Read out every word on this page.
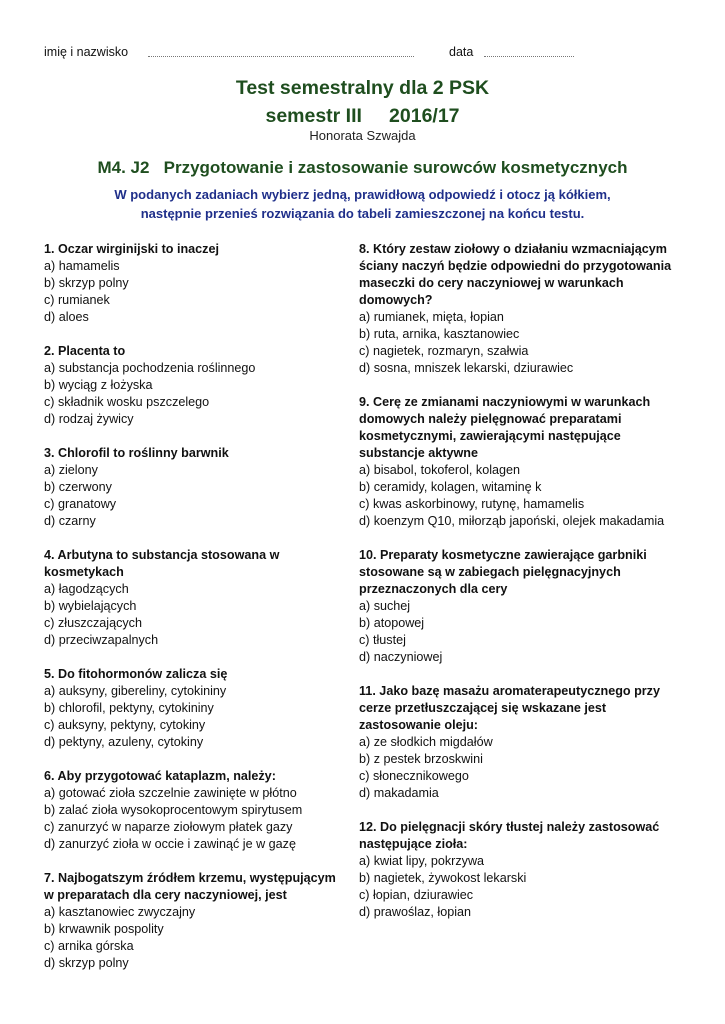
imię i nazwisko	data
Test semestralny dla 2 PSK
semestr III     2016/17
Honorata Szwajda
M4. J2   Przygotowanie i zastosowanie surowców kosmetycznych
W podanych zadaniach wybierz jedną, prawidłową odpowiedź i otocz ją kółkiem,
następnie przenieś rozwiązania do tabeli zamieszczonej na końcu testu.
1. Oczar wirginijski to inaczej
a) hamamelis
b) skrzyp polny
c) rumianek
d) aloes
2. Placenta to
a) substancja pochodzenia roślinnego
b) wyciąg z łożyska
c) składnik wosku pszczelego
d) rodzaj żywicy
3. Chlorofil to roślinny barwnik
a) zielony
b) czerwony
c) granatowy
d) czarny
4. Arbutyna to substancja stosowana w kosmetykach
a) łagodzących
b) wybielających
c) złuszczających
d) przeciwzapalnych
5. Do fitohormonów zalicza się
a) auksyny, gibereliny, cytokininy
b) chlorofil, pektyny, cytokininy
c) auksyny, pektyny, cytokiny
d) pektyny, azuleny, cytokiny
6. Aby przygotować kataplazm, należy:
a) gotować zioła szczelnie zawinięte w płótno
b) zalać zioła wysokoprocentowym spirytusem
c) zanurzyć w naparze ziołowym płatek gazy
d) zanurzyć zioła w occie i zawinąć je w gazę
7. Najbogatszym źródłem krzemu, występującym w preparatach dla cery naczyniowej, jest
a) kasztanowiec zwyczajny
b) krwawnik pospolity
c) arnika górska
d) skrzyp polny
8. Który zestaw ziołowy o działaniu wzmacniającym ściany naczyń będzie odpowiedni do przygotowania maseczki do cery naczyniowej w warunkach domowych?
a) rumianek, mięta, łopian
b) ruta, arnika, kasztanowiec
c) nagietek, rozmaryn, szałwia
d) sosna, mniszek lekarski, dziurawiec
9. Cerę ze zmianami naczyniowymi w warunkach domowych należy pielęgnować preparatami kosmetycznymi, zawierającymi następujące substancje aktywne
a) bisabol, tokoferol, kolagen
b) ceramidy, kolagen, witaminę k
c) kwas askorbinowy, rutynę, hamamelis
d) koenzym Q10, miłorząb japoński, olejek makadamia
10. Preparaty kosmetyczne zawierające garbniki stosowane są w zabiegach pielęgnacyjnych przeznaczonych dla cery
a) suchej
b) atopowej
c) tłustej
d) naczyniowej
11. Jako bazę masażu aromaterapeutycznego przy cerze przetłuszczającej się wskazane jest zastosowanie oleju:
a) ze słodkich migdałów
b) z pestek brzoskwini
c) słonecznikowego
d) makadamia
12. Do pielęgnacji skóry tłustej należy zastosować następujące zioła:
a) kwiat lipy, pokrzywa
b) nagietek, żywokost lekarski
c) łopian, dziurawiec
d) prawoślaz, łopian
